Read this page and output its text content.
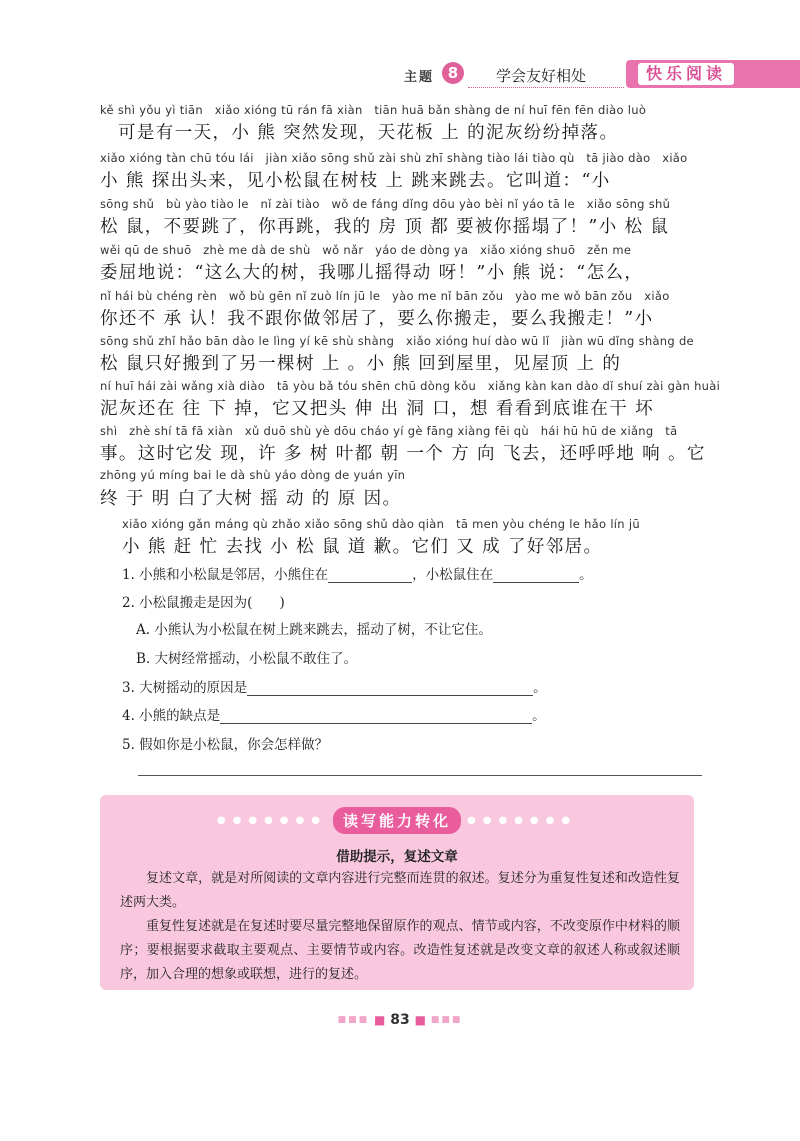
主题 8	学会友好相处	快乐阅读
kě shì yǒu yì tiān　xiǎo xióng tū rán fā xiàn　tiān huā bǎn shàng de ní huī fēn fēn diào luò
可是有一天，小 熊 突然发现，天花板 上 的泥灰纷纷掉落。
xiǎo xióng tàn chū tóu lái　jiàn xiǎo sōng shǔ zài shù zhī shàng tiào lái tiào qù　tā jiào dào　xiǎo
小 熊 探出头来，见小松鼠在树枝 上 跳来跳去。它叫道：“小
sōng shǔ　bù yào tiào le　nǐ zài tiào　wǒ de fáng dǐng dōu yào bèi nǐ yáo tā le　xiǎo sōng shǔ
松 鼠，不要跳了，你再跳，我的 房 顶 都 要被你摇塌了！”小 松 鼠
wěi qū de shuō　zhè me dà de shù　wǒ nǎr　yáo de dòng ya　xiǎo xióng shuō　zěn me
委屈地说：“这么大的树，我哪儿摇得动 呀！”小 熊 说：“怎么，
nǐ hái bù chéng rèn　wǒ bù gēn nǐ zuò lín jū le　yào me nǐ bān zǒu　yào me wǒ bān zǒu　xiǎo
你还不 承 认！我不跟你做邻居了，要么你搬走，要么我搬走！”小
sōng shǔ zhǐ hǎo bān dào le lìng yí kē shù shàng　xiǎo xióng huí dào wū lǐ　jiàn wū dǐng shàng de
松 鼠只好搬到了另一棵树 上 。小 熊 回到屋里，见屋顶 上 的
ní huī hái zài wǎng xià diào　tā yòu bǎ tóu shēn chū dòng kǒu　xiǎng kàn kan dào dǐ shuí zài gàn huài
泥灰还在 往 下 掉，它又把头 伸 出 洞 口，想 看看到底谁在干 坏
shì　zhè shí tā fā xiàn　xǔ duō shù yè dōu cháo yí gè fāng xiàng fēi qù　hái hū hū de xiǎng　tā
事。这时它发 现，许 多 树 叶都 朝 一个 方 向 飞去，还呼呼地 响 。它
zhōng yú míng bai le dà shù yáo dòng de yuán yīn
终 于 明 白了大树 摇 动 的 原 因。
xiǎo xióng gǎn máng qù zhǎo xiǎo sōng shǔ dào qiàn　tā men yòu chéng le hǎo lín jū
小 熊 赶 忙 去找 小 松 鼠 道 歉。它们 又 成 了好邻居。
1. 小熊和小松鼠是邻居，小熊住在	，小松鼠住在	。
2. 小松鼠搬走是因为(　　)
A. 小熊认为小松鼠在树上跳来跳去，摇动了树，不让它住。
B. 大树经常摇动，小松鼠不敢住了。
3. 大树摇动的原因是	。
4. 小熊的缺点是	。
5. 假如你是小松鼠，你会怎样做？
●●●●●●● 读写能力转化 ●●●●●●●
借助提示，复述文章
复述文章，就是对所阅读的文章内容进行完整而连贯的叙述。复述分为重复性复述和改造性复述两大类。
重复性复述就是在复述时要尽量完整地保留原作的观点、情节或内容，不改变原作中材料的顺序；要根据要求截取主要观点、主要情节或内容。改造性复述就是改变文章的叙述人称或叙述顺序，加入合理的想象或联想，进行的复述。
■■■ ■ 83 ■ ■■■
